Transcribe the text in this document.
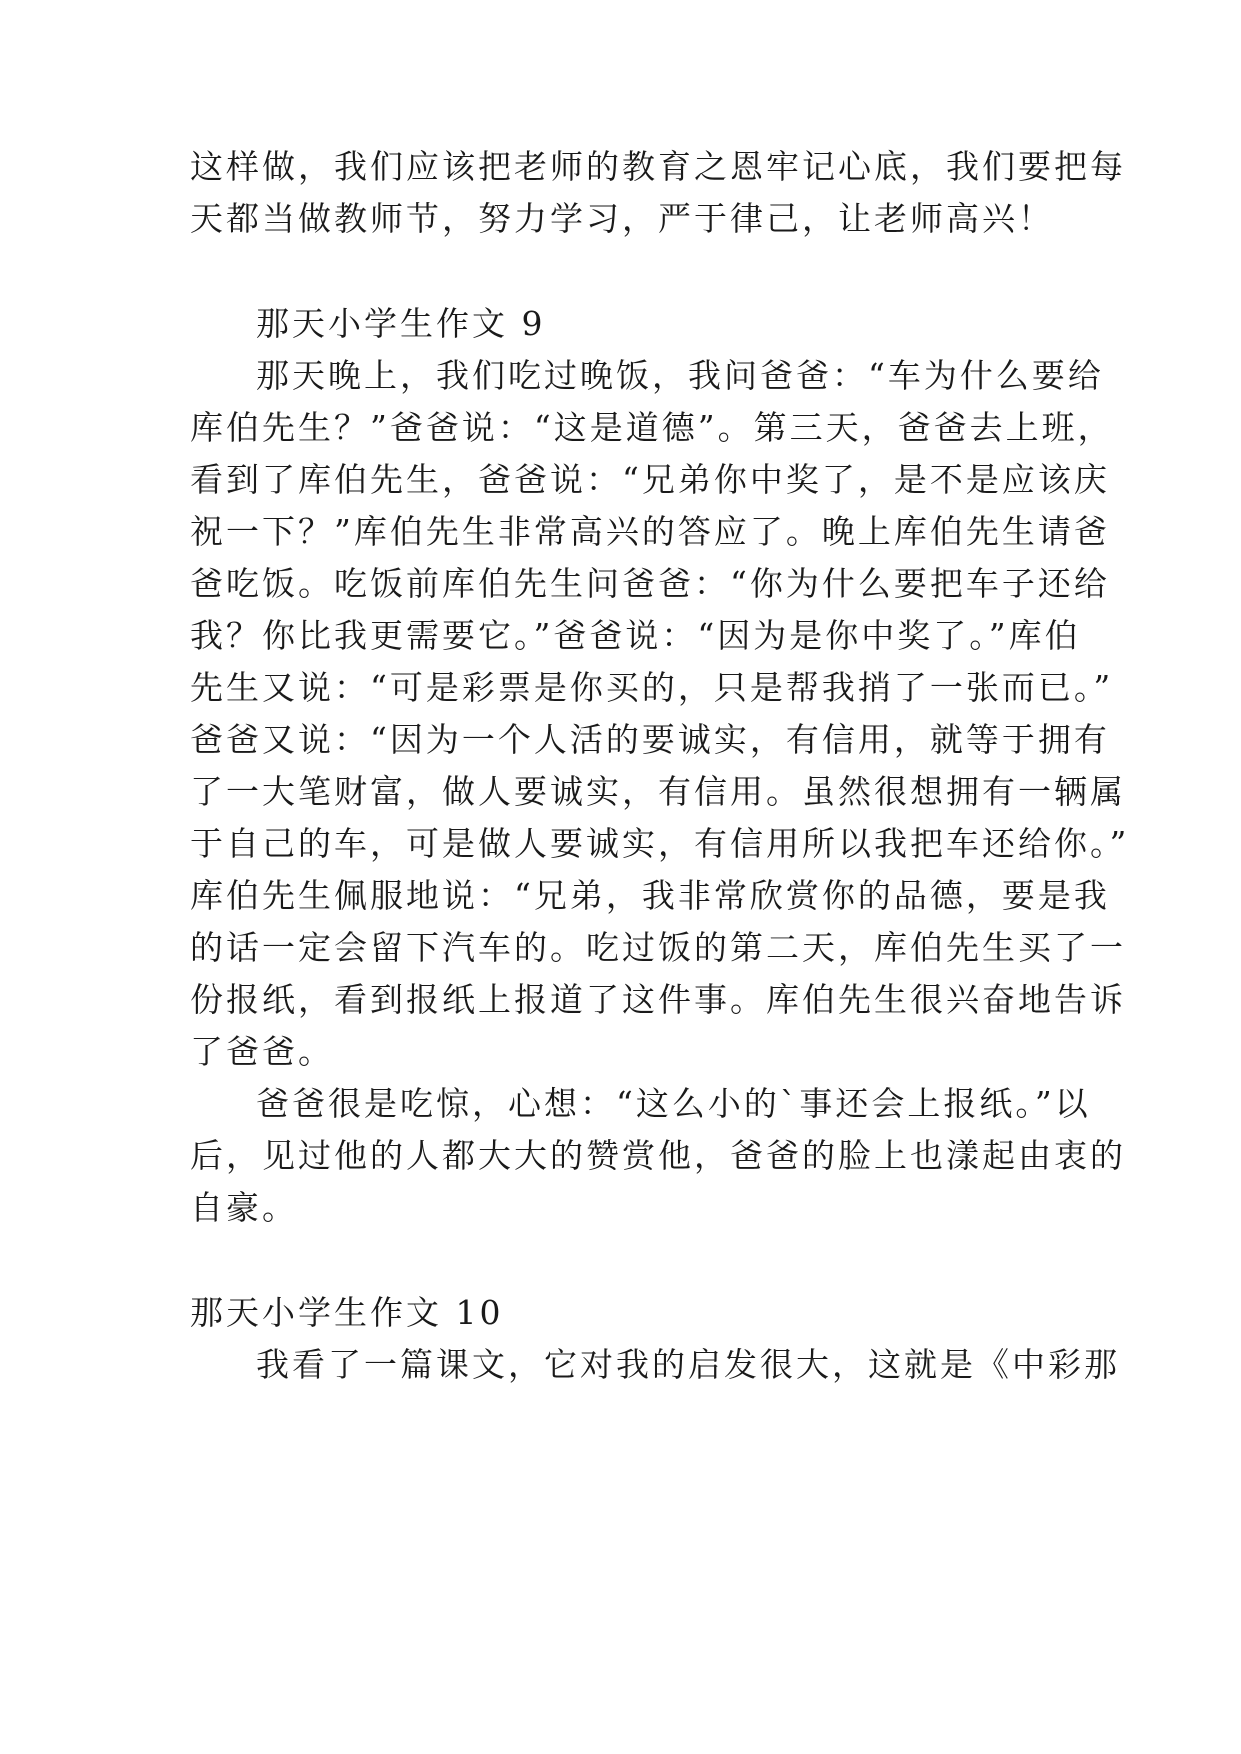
这样做，我们应该把老师的教育之恩牢记心底，我们要把每
天都当做教师节，努力学习，严于律己，让老师高兴！
那天小学生作文 9
那天晚上，我们吃过晚饭，我问爸爸：“车为什么要给
库伯先生？”爸爸说：“这是道德”。第三天，爸爸去上班，
看到了库伯先生，爸爸说：“兄弟你中奖了，是不是应该庆
祝一下？”库伯先生非常高兴的答应了。晚上库伯先生请爸
爸吃饭。吃饭前库伯先生问爸爸：“你为什么要把车子还给
我？你比我更需要它。”爸爸说：“因为是你中奖了。”库伯
先生又说：“可是彩票是你买的，只是帮我捎了一张而已。”
爸爸又说：“因为一个人活的要诚实，有信用，就等于拥有
了一大笔财富，做人要诚实，有信用。虽然很想拥有一辆属
于自己的车，可是做人要诚实，有信用所以我把车还给你。”
库伯先生佩服地说：“兄弟，我非常欣赏你的品德，要是我
的话一定会留下汽车的。吃过饭的第二天，库伯先生买了一
份报纸，看到报纸上报道了这件事。库伯先生很兴奋地告诉
了爸爸。
爸爸很是吃惊，心想：“这么小的`事还会上报纸。”以
后，见过他的人都大大的赞赏他，爸爸的脸上也漾起由衷的
自豪。
那天小学生作文 10
我看了一篇课文，它对我的启发很大，这就是《中彩那
